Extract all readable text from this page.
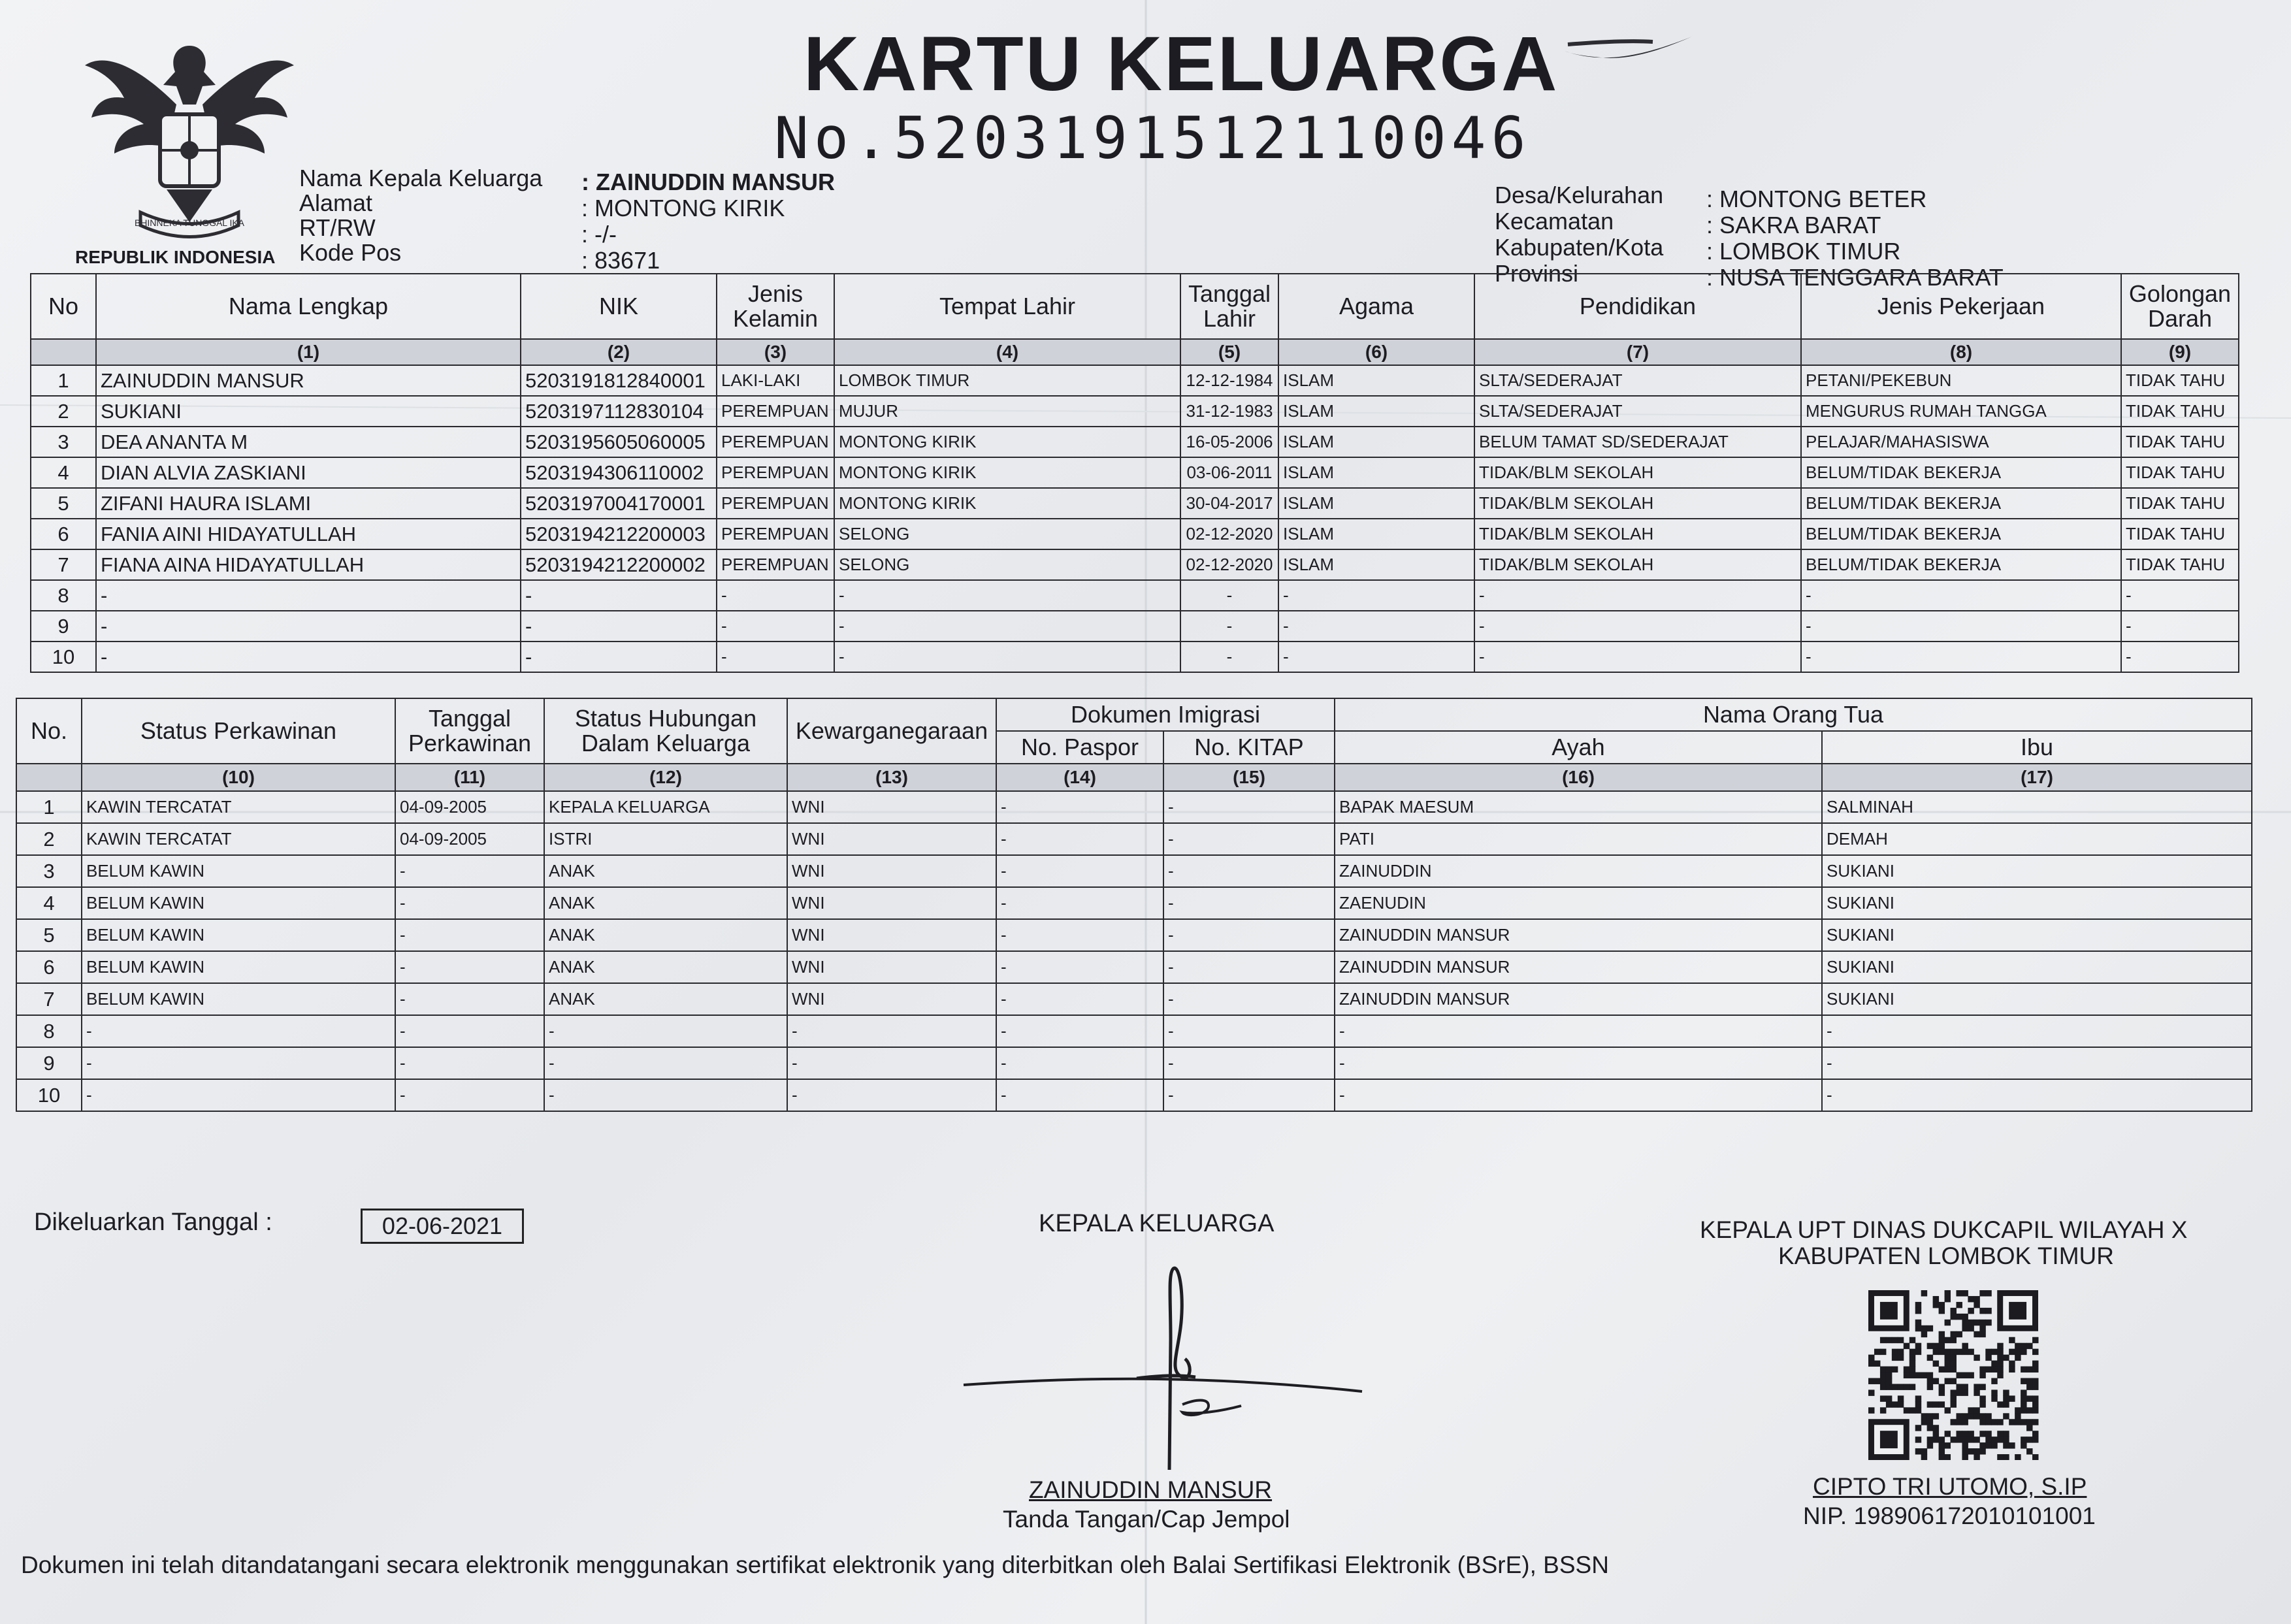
BHINNEKA TUNGGAL IKA
REPUBLIK INDONESIA
KARTU KELUARGA
No.5203191512110046
Nama Kepala Keluarga
Alamat
RT/RW
Kode Pos
: ZAINUDDIN MANSUR
: MONTONG KIRIK
: -/-
: 83671
Desa/Kelurahan
Kecamatan
Kabupaten/Kota
Provinsi
: MONTONG BETER
: SAKRA BARAT
: LOMBOK TIMUR
: NUSA TENGGARA BARAT
No	Nama Lengkap	NIK	Jenis Kelamin	Tempat Lahir	Tanggal Lahir	Agama	Pendidikan	Jenis Pekerjaan	Golongan Darah
	(1)	(2)	(3)	(4)	(5)	(6)	(7)	(8)	(9)
1	ZAINUDDIN MANSUR	5203191812840001	LAKI-LAKI	LOMBOK TIMUR	12-12-1984	ISLAM	SLTA/SEDERAJAT	PETANI/PEKEBUN	TIDAK TAHU
2	SUKIANI	5203197112830104	PEREMPUAN	MUJUR	31-12-1983	ISLAM	SLTA/SEDERAJAT	MENGURUS RUMAH TANGGA	TIDAK TAHU
3	DEA ANANTA M	5203195605060005	PEREMPUAN	MONTONG KIRIK	16-05-2006	ISLAM	BELUM TAMAT SD/SEDERAJAT	PELAJAR/MAHASISWA	TIDAK TAHU
4	DIAN ALVIA ZASKIANI	5203194306110002	PEREMPUAN	MONTONG KIRIK	03-06-2011	ISLAM	TIDAK/BLM SEKOLAH	BELUM/TIDAK BEKERJA	TIDAK TAHU
5	ZIFANI HAURA ISLAMI	5203197004170001	PEREMPUAN	MONTONG KIRIK	30-04-2017	ISLAM	TIDAK/BLM SEKOLAH	BELUM/TIDAK BEKERJA	TIDAK TAHU
6	FANIA AINI HIDAYATULLAH	5203194212200003	PEREMPUAN	SELONG	02-12-2020	ISLAM	TIDAK/BLM SEKOLAH	BELUM/TIDAK BEKERJA	TIDAK TAHU
7	FIANA AINA HIDAYATULLAH	5203194212200002	PEREMPUAN	SELONG	02-12-2020	ISLAM	TIDAK/BLM SEKOLAH	BELUM/TIDAK BEKERJA	TIDAK TAHU
8	-	-	-	-	-	-	-	-	-
9	-	-	-	-	-	-	-	-	-
10	-	-	-	-	-	-	-	-	-
No.	Status Perkawinan	Tanggal Perkawinan	Status Hubungan Dalam Keluarga	Kewarganegaraan	Dokumen Imigrasi		Nama Orang Tua	
					No. Paspor	No. KITAP	Ayah	Ibu
	(10)	(11)	(12)	(13)	(14)	(15)	(16)	(17)
1	KAWIN TERCATAT	04-09-2005	KEPALA KELUARGA	WNI	-	-	BAPAK MAESUM	SALMINAH
2	KAWIN TERCATAT	04-09-2005	ISTRI	WNI	-	-	PATI	DEMAH
3	BELUM KAWIN	-	ANAK	WNI	-	-	ZAINUDDIN	SUKIANI
4	BELUM KAWIN	-	ANAK	WNI	-	-	ZAENUDIN	SUKIANI
5	BELUM KAWIN	-	ANAK	WNI	-	-	ZAINUDDIN MANSUR	SUKIANI
6	BELUM KAWIN	-	ANAK	WNI	-	-	ZAINUDDIN MANSUR	SUKIANI
7	BELUM KAWIN	-	ANAK	WNI	-	-	ZAINUDDIN MANSUR	SUKIANI
8	-	-	-	-	-	-	-	-
9	-	-	-	-	-	-	-	-
10	-	-	-	-	-	-	-	-
Dikeluarkan Tanggal :	02-06-2021	KEPALA KELUARGA
ZAINUDDIN MANSUR
Tanda Tangan/Cap Jempol
KEPALA UPT DINAS DUKCAPIL WILAYAH X
KABUPATEN LOMBOK TIMUR
CIPTO TRI UTOMO, S.IP
NIP. 198906172010101001
Dokumen ini telah ditandatangani secara elektronik menggunakan sertifikat elektronik yang diterbitkan oleh Balai Sertifikasi Elektronik (BSrE), BSSN
